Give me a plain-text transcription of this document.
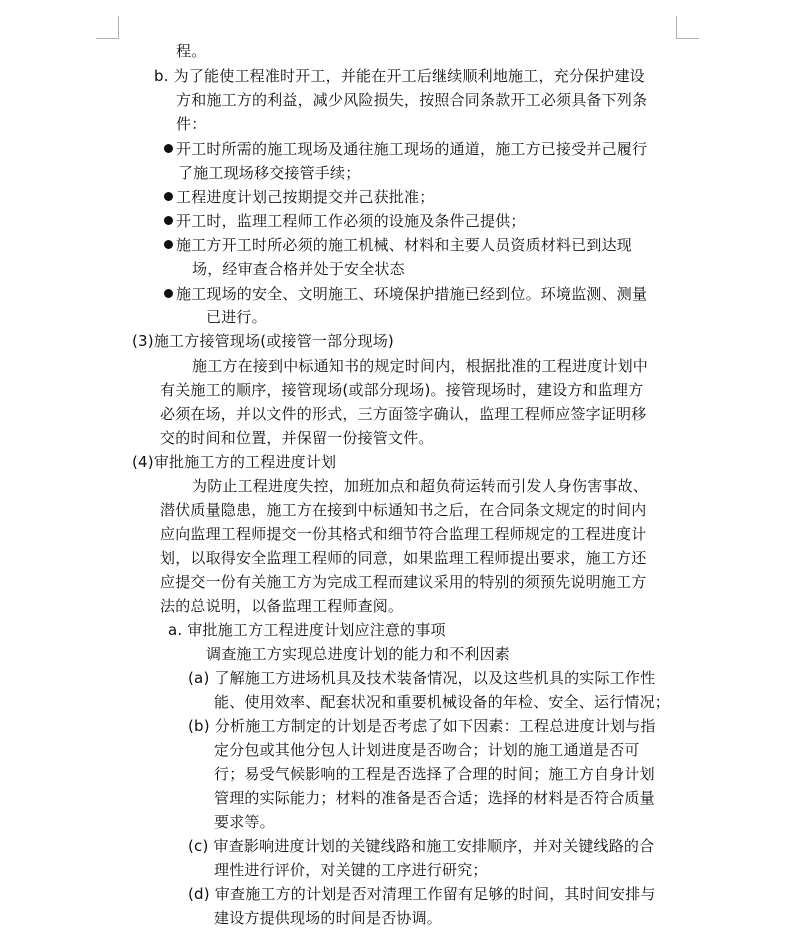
程。
b. 为了能使工程准时开工，并能在开工后继续顺利地施工，充分保护建设
方和施工方的利益，减少风险损失，按照合同条款开工必须具备下列条
件：
开工时所需的施工现场及通往施工现场的通道，施工方已接受并己履行
了施工现场移交接管手续；
工程进度计划己按期提交并己获批准；
开工时，监理工程师工作必须的设施及条件己提供；
施工方开工时所必须的施工机械、材料和主要人员资质材料已到达现
场，经审查合格并处于安全状态
施工现场的安全、文明施工、环境保护措施已经到位。环境监测、测量
已进行。
(3)施工方接管现场(或接管一部分现场)
施工方在接到中标通知书的规定时间内，根据批准的工程进度计划中
有关施工的顺序，接管现场(或部分现场)。接管现场时，建设方和监理方
必须在场，并以文件的形式，三方面签字确认，监理工程师应签字证明移
交的时间和位置，并保留一份接管文件。
(4)审批施工方的工程进度计划
为防止工程进度失控，加班加点和超负荷运转而引发人身伤害事故、
潜伏质量隐患，施工方在接到中标通知书之后，在合同条文规定的时间内
应向监理工程师提交一份其格式和细节符合监理工程师规定的工程进度计
划，以取得安全监理工程师的同意，如果监理工程师提出要求，施工方还
应提交一份有关施工方为完成工程而建议采用的特别的须预先说明施工方
法的总说明，以备监理工程师查阅。
a. 审批施工方工程进度计划应注意的事项
调查施工方实现总进度计划的能力和不利因素
(a) 了解施工方进场机具及技术装备情况，以及这些机具的实际工作性
能、使用效率、配套状况和重要机械设备的年检、安全、运行情况；
(b) 分析施工方制定的计划是否考虑了如下因素：工程总进度计划与指
定分包或其他分包人计划进度是否吻合；计划的施工通道是否可
行；易受气候影响的工程是否选择了合理的时间；施工方自身计划
管理的实际能力；材料的准备是否合适；选择的材料是否符合质量
要求等。
(c) 审查影响进度计划的关键线路和施工安排顺序，并对关键线路的合
理性进行评价，对关键的工序进行研究；
(d) 审查施工方的计划是否对清理工作留有足够的时间，其时间安排与
建设方提供现场的时间是否协调。
